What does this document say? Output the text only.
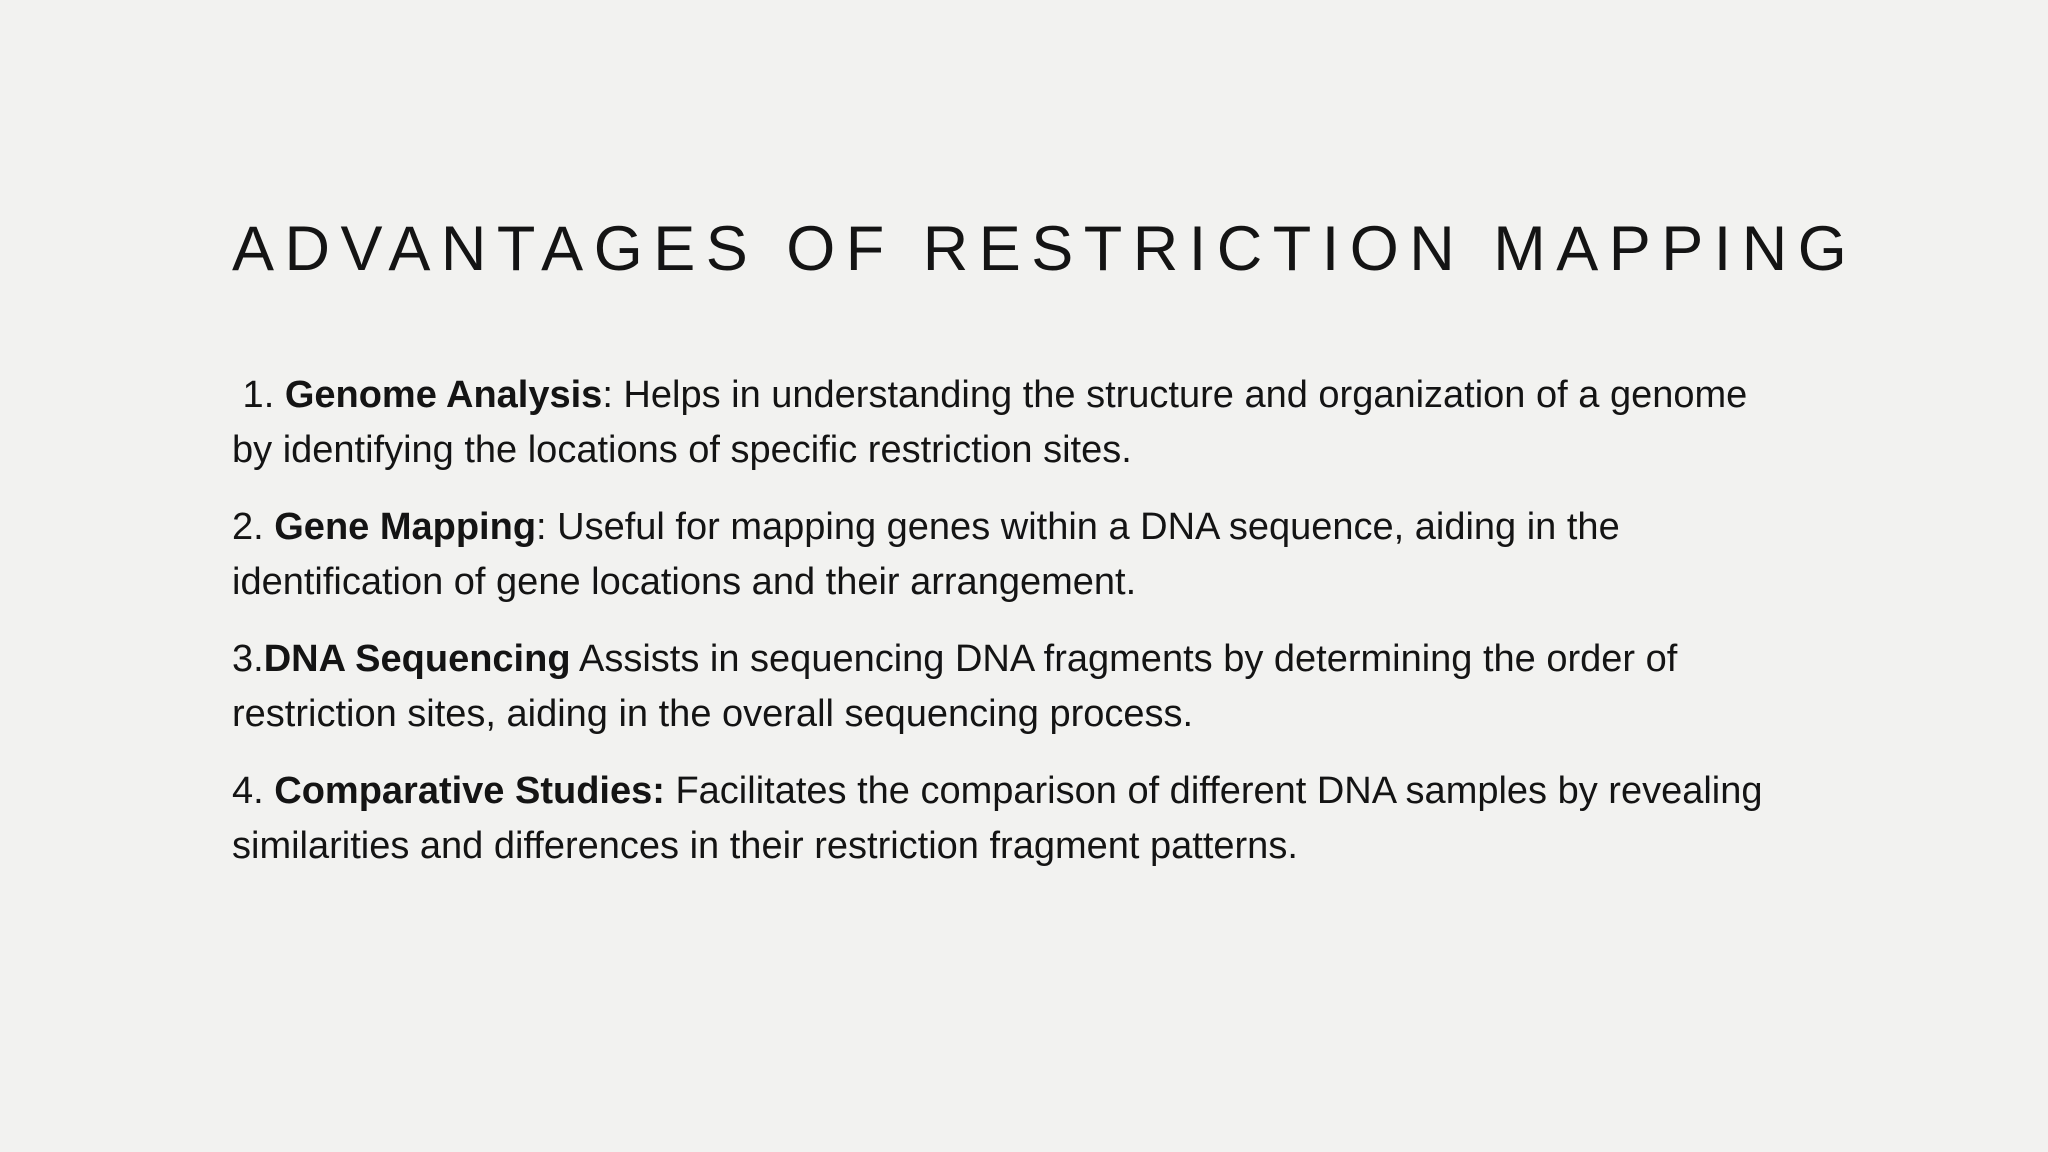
ADVANTAGES OF RESTRICTION MAPPING

1. Genome Analysis: Helps in understanding the structure and organization of a genome by identifying the locations of specific restriction sites.

2. Gene Mapping: Useful for mapping genes within a DNA sequence, aiding in the identification of gene locations and their arrangement.

3.DNA Sequencing Assists in sequencing DNA fragments by determining the order of restriction sites, aiding in the overall sequencing process.

4. Comparative Studies: Facilitates the comparison of different DNA samples by revealing similarities and differences in their restriction fragment patterns.
